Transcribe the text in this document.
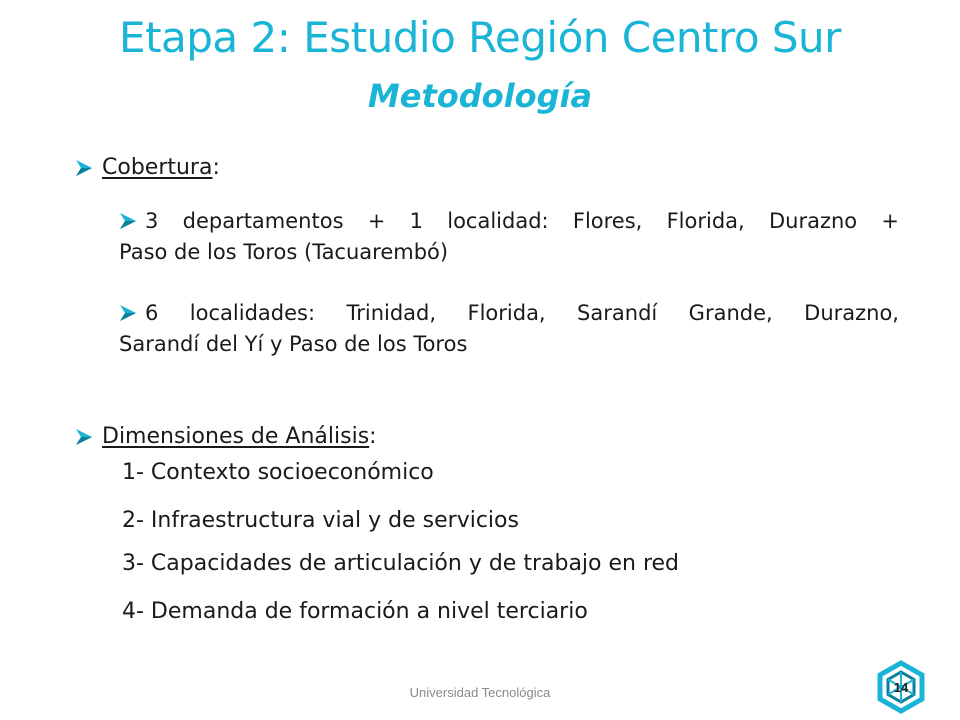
Etapa 2: Estudio Región Centro Sur
Metodología
Cobertura:
3 departamentos + 1 localidad: Flores, Florida, Durazno +
Paso de los Toros (Tacuarembó)
6 localidades: Trinidad, Florida, Sarandí Grande, Durazno,
Sarandí del Yí y Paso de los Toros
Dimensiones de Análisis:
1- Contexto socioeconómico
2- Infraestructura vial y de servicios
3- Capacidades de articulación y de trabajo en red
4- Demanda de formación a nivel terciario
Universidad Tecnológica	14
